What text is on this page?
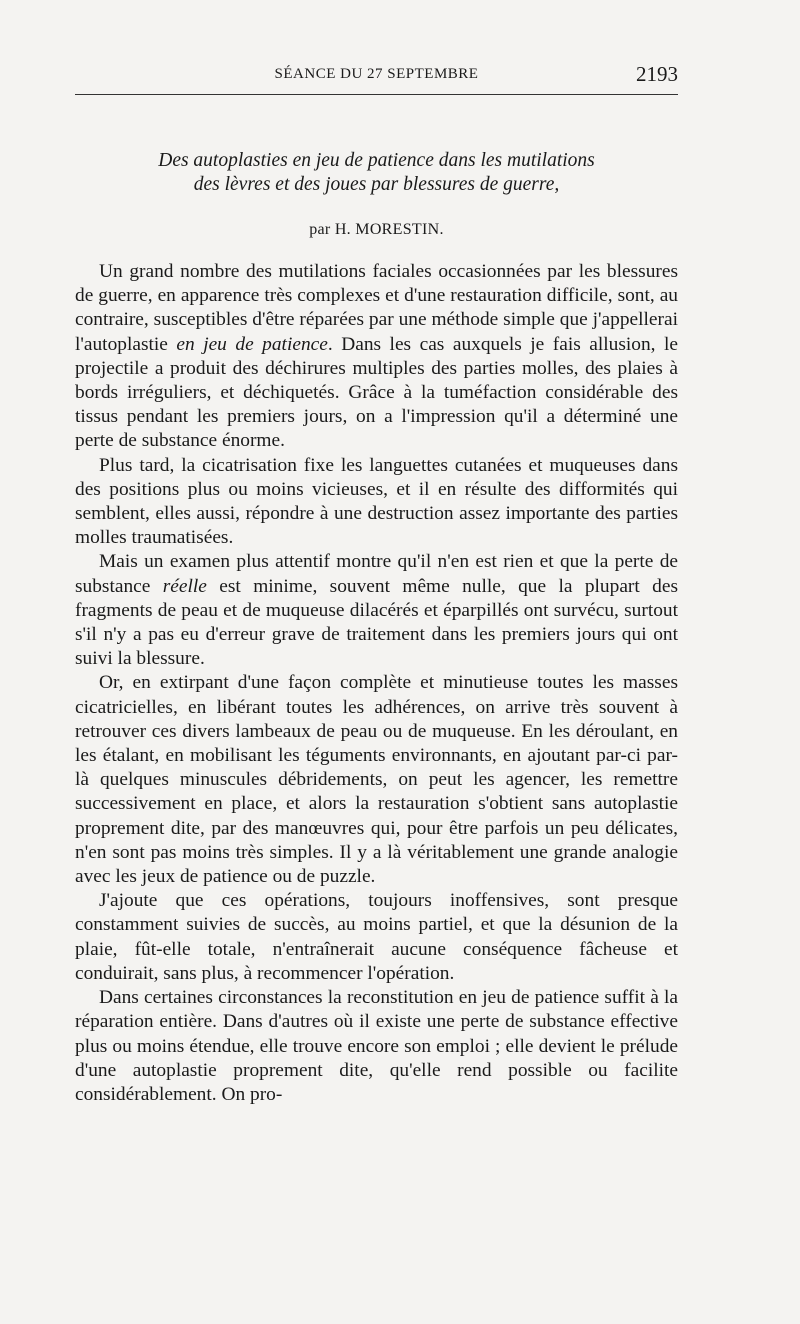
SÉANCE DU 27 SEPTEMBRE	2193
Des autoplasties en jeu de patience dans les mutilations
des lèvres et des joues par blessures de guerre,
par H. MORESTIN.

Un grand nombre des mutilations faciales occasionnées par les blessures de guerre, en apparence très complexes et d'une restauration difficile, sont, au contraire, susceptibles d'être réparées par une méthode simple que j'appellerai l'autoplastie en jeu de patience. Dans les cas auxquels je fais allusion, le projectile a produit des déchirures multiples des parties molles, des plaies à bords irréguliers, et déchiquetés. Grâce à la tuméfaction considérable des tissus pendant les premiers jours, on a l'impression qu'il a déterminé une perte de substance énorme.

Plus tard, la cicatrisation fixe les languettes cutanées et muqueuses dans des positions plus ou moins vicieuses, et il en résulte des difformités qui semblent, elles aussi, répondre à une destruction assez importante des parties molles traumatisées.

Mais un examen plus attentif montre qu'il n'en est rien et que la perte de substance réelle est minime, souvent même nulle, que la plupart des fragments de peau et de muqueuse dilacérés et éparpillés ont survécu, surtout s'il n'y a pas eu d'erreur grave de traitement dans les premiers jours qui ont suivi la blessure.

Or, en extirpant d'une façon complète et minutieuse toutes les masses cicatricielles, en libérant toutes les adhérences, on arrive très souvent à retrouver ces divers lambeaux de peau ou de muqueuse. En les déroulant, en les étalant, en mobilisant les téguments environnants, en ajoutant par-ci par-là quelques minuscules débridements, on peut les agencer, les remettre successivement en place, et alors la restauration s'obtient sans autoplastie proprement dite, par des manœuvres qui, pour être parfois un peu délicates, n'en sont pas moins très simples. Il y a là véritablement une grande analogie avec les jeux de patience ou de puzzle.

J'ajoute que ces opérations, toujours inoffensives, sont presque constamment suivies de succès, au moins partiel, et que la désunion de la plaie, fût-elle totale, n'entraînerait aucune conséquence fâcheuse et conduirait, sans plus, à recommencer l'opération.

Dans certaines circonstances la reconstitution en jeu de patience suffit à la réparation entière. Dans d'autres où il existe une perte de substance effective plus ou moins étendue, elle trouve encore son emploi ; elle devient le prélude d'une autoplastie proprement dite, qu'elle rend possible ou facilite considérablement. On pro-
